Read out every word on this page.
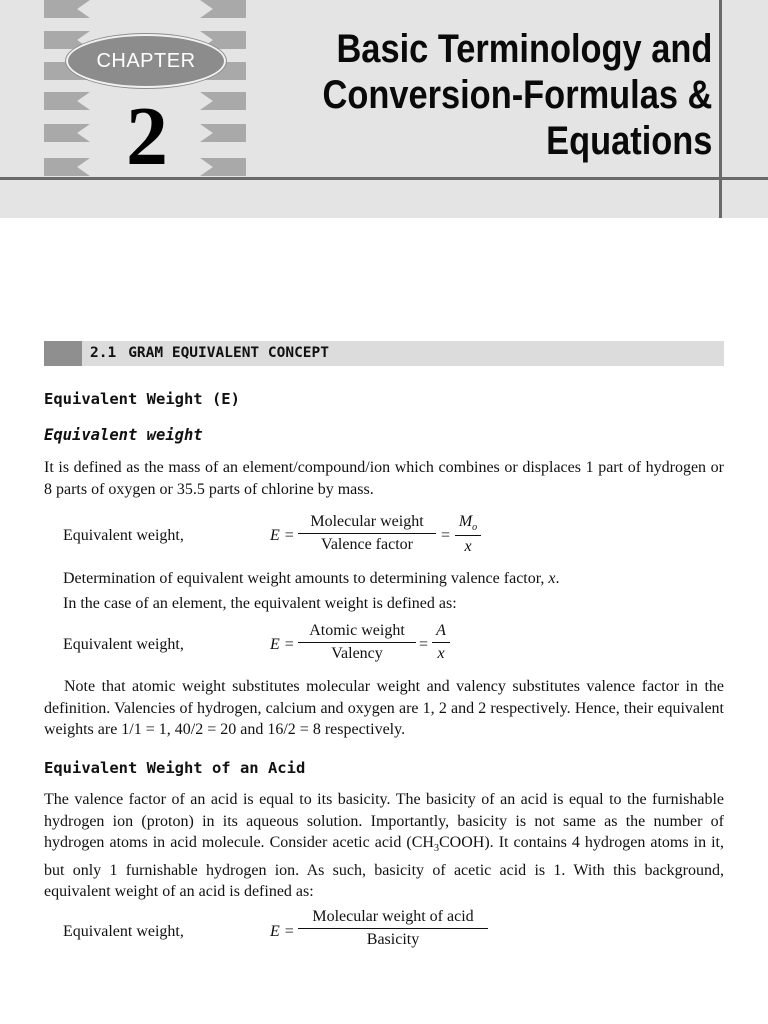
CHAPTER
2
Basic Terminology and
Conversion-Formulas &
Equations
2.1 GRAM EQUIVALENT CONCEPT
Equivalent Weight (E)
Equivalent weight

It is defined as the mass of an element/compound/ion which combines or displaces 1 part of hydrogen or 8 parts of oxygen or 35.5 parts of chlorine by mass.

Equivalent weight,	E =
Molecular weight
Valence factor
= $\frac{M_o}{x}$
Determination of equivalent weight amounts to determining valence factor, x.
In the case of an element, the equivalent weight is defined as:
Equivalent weight,	E =
Atomic weight
Valency
= $\frac{A}{x}$

Note that atomic weight substitutes molecular weight and valency substitutes valence factor in the definition. Valencies of hydrogen, calcium and oxygen are 1, 2 and 2 respectively. Hence, their equivalent weights are 1/1 = 1, 40/2 = 20 and 16/2 = 8 respectively.

Equivalent Weight of an Acid

The valence factor of an acid is equal to its basicity. The basicity of an acid is equal to the furnishable hydrogen ion (proton) in its aqueous solution. Importantly, basicity is not same as the number of hydrogen atoms in acid molecule. Consider acetic acid $(CH_3COOH)$. It contains 4 hydrogen atoms in it, but only 1 furnishable hydrogen ion. As such, basicity of acetic acid is 1. With this background, equivalent weight of an acid is defined as:

Equivalent weight,	E =
Molecular weight of acid
Basicity
